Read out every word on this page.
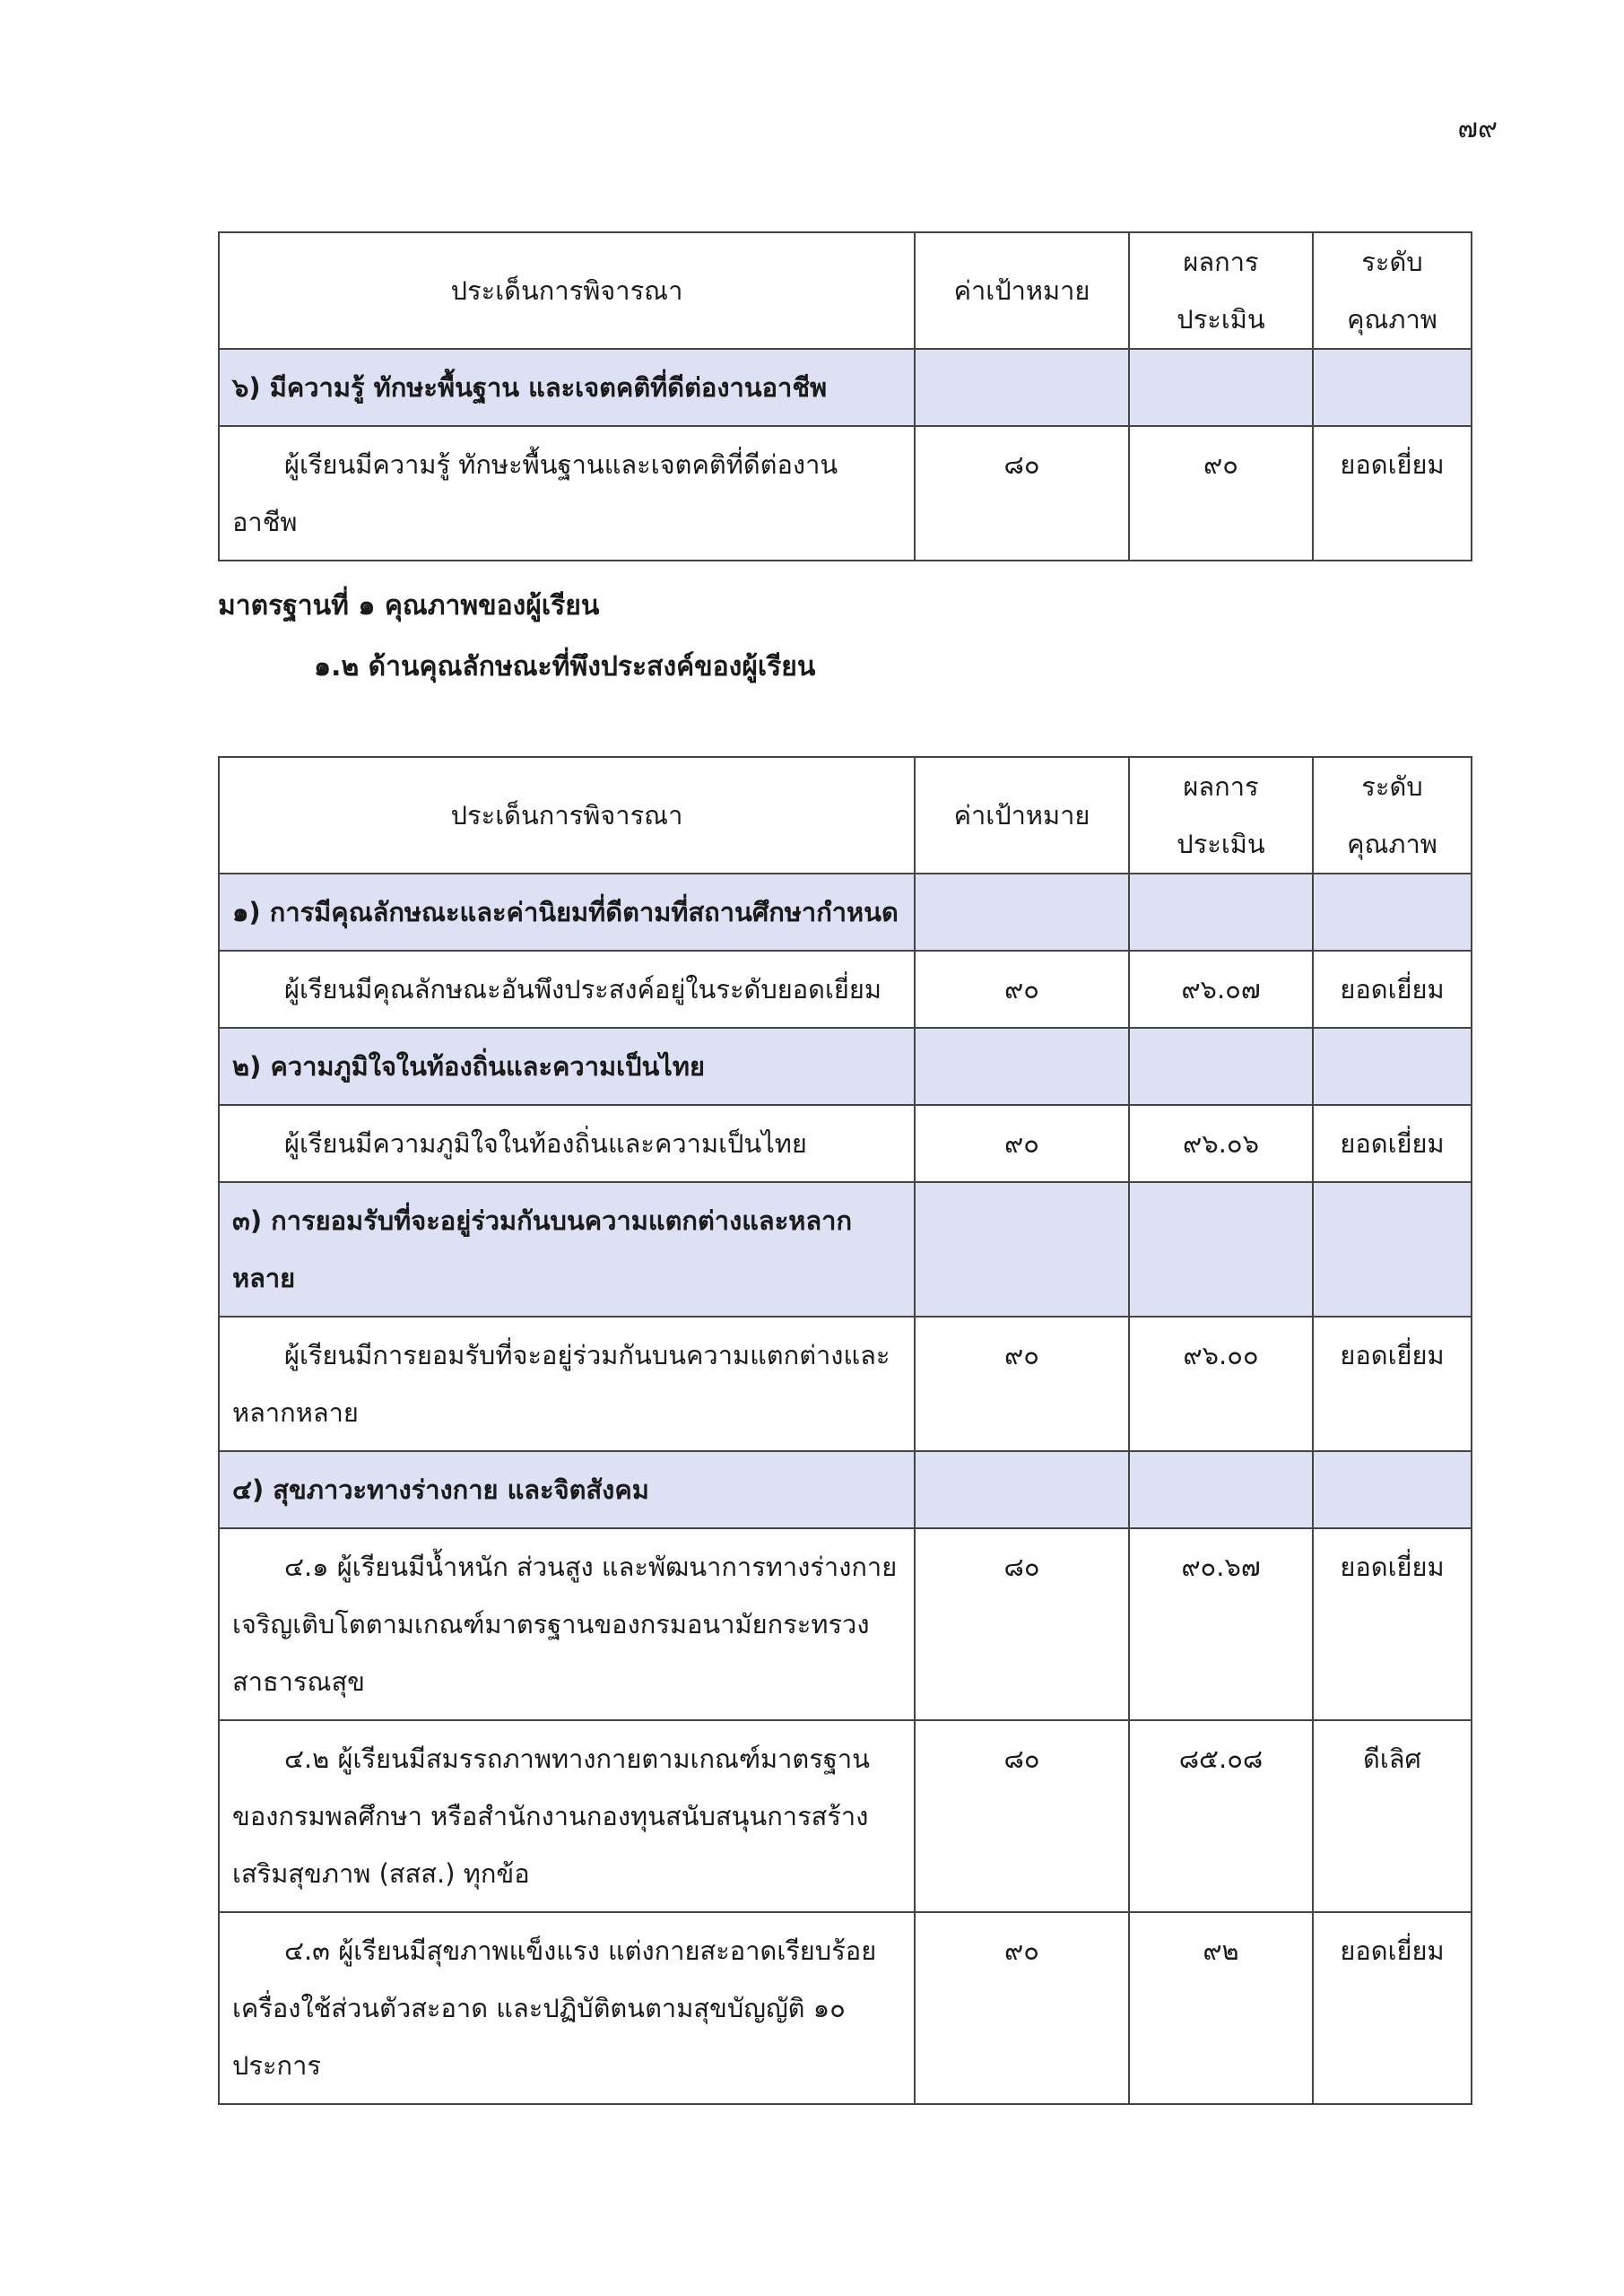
๗๙
ประเด็นการพิจารณา	ค่าเป้าหมาย	ผลการ ประเมิน	ระดับ คุณภาพ
๖) มีความรู้ ทักษะพื้นฐาน และเจตคติที่ดีต่องานอาชีพ			
ผู้เรียนมีความรู้ ทักษะพื้นฐานและเจตคติที่ดีต่องานอาชีพ	๘๐	๙๐	ยอดเยี่ยม
มาตรฐานที่ ๑ คุณภาพของผู้เรียน
๑.๒ ด้านคุณลักษณะที่พึงประสงค์ของผู้เรียน
ประเด็นการพิจารณา	ค่าเป้าหมาย	ผลการ ประเมิน	ระดับ คุณภาพ
๑) การมีคุณลักษณะและค่านิยมที่ดีตามที่สถานศึกษากำหนด			
ผู้เรียนมีคุณลักษณะอันพึงประสงค์อยู่ในระดับยอดเยี่ยม	๙๐	๙๖.๐๗	ยอดเยี่ยม
๒) ความภูมิใจในท้องถิ่นและความเป็นไทย			
ผู้เรียนมีความภูมิใจในท้องถิ่นและความเป็นไทย	๙๐	๙๖.๐๖	ยอดเยี่ยม
๓) การยอมรับที่จะอยู่ร่วมกันบนความแตกต่างและหลากหลาย			
ผู้เรียนมีการยอมรับที่จะอยู่ร่วมกันบนความแตกต่างและหลากหลาย	๙๐	๙๖.๐๐	ยอดเยี่ยม
๔) สุขภาวะทางร่างกาย และจิตสังคม			
๔.๑ ผู้เรียนมีน้ำหนัก ส่วนสูง และพัฒนาการทางร่างกายเจริญเติบโตตามเกณฑ์มาตรฐานของกรมอนามัยกระทรวงสาธารณสุข	๘๐	๙๐.๖๗	ยอดเยี่ยม
๔.๒ ผู้เรียนมีสมรรถภาพทางกายตามเกณฑ์มาตรฐานของกรมพลศึกษา หรือสำนักงานกองทุนสนับสนุนการสร้างเสริมสุขภาพ (สสส.) ทุกข้อ	๘๐	๘๕.๐๘	ดีเลิศ
๔.๓ ผู้เรียนมีสุขภาพแข็งแรง แต่งกายสะอาดเรียบร้อยเครื่องใช้ส่วนตัวสะอาด และปฏิบัติตนตามสุขบัญญัติ ๑๐ ประการ	๙๐	๙๒	ยอดเยี่ยม
